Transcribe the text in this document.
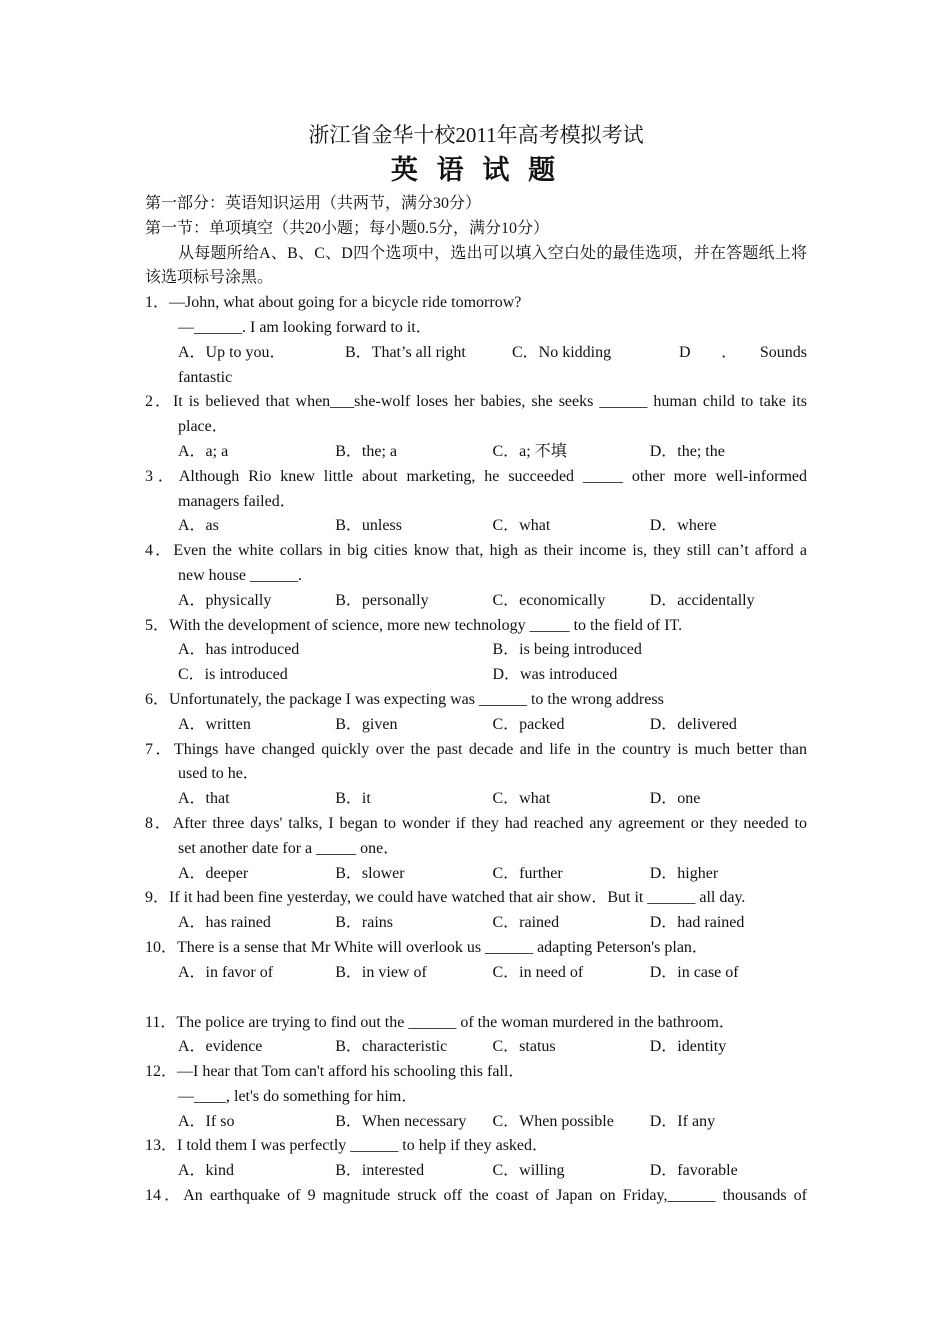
浙江省金华十校2011年高考模拟考试
英 语 试 题
第一部分：英语知识运用（共两节，满分30分）
第一节：单项填空（共20小题；每小题0.5分，满分10分）
从每题所给A、B、C、D四个选项中，选出可以填入空白处的最佳选项，并在答题纸上将该选项标号涂黑。
1．—John, what about going for a bicycle ride tomorrow?
—______. I am looking forward to it．
A．Up to you．	B．That’s all right	C．No kidding	D　．　Sounds
fantastic
2．It is believed that when___she-wolf loses her babies, she seeks ______ human child to take its
place．
A．a; a	B．the; a	C．a; 不填	D．the; the
3．Although Rio knew little about marketing, he succeeded _____ other more well-informed
managers failed．
A．as	B．unless	C．what	D．where
4．Even the white collars in big cities know that, high as their income is, they still can’t afford a
new house ______.
A．physically	B．personally	C．economically	D．accidentally
5．With the development of science, more new technology _____ to the field of IT.
A．has introduced	B．is being introduced
C．is introduced	D．was introduced
6．Unfortunately, the package I was expecting was ______ to the wrong address
A．written	B．given	C．packed	D．delivered
7．Things have changed quickly over the past decade and life in the country is much better than
used to he．
A．that	B．it	C．what	D．one
8．After three days' talks, I began to wonder if they had reached any agreement or they needed to
set another date for a _____ one．
A．deeper	B．slower	C．further	D．higher
9．If it had been fine yesterday, we could have watched that air show．But it ______ all day.
A．has rained	B．rains	C．rained	D．had rained
10．There is a sense that Mr White will overlook us ______ adapting Peterson's plan．
A．in favor of	B．in view of	C．in need of	D．in case of
11．The police are trying to find out the ______ of the woman murdered in the bathroom．
A．evidence	B．characteristic	C．status	D．identity
12．—I hear that Tom can't afford his schooling this fall．
—____, let's do something for him．
A．If so	B．When necessary	C．When possible	D．If any
13．I told them I was perfectly ______ to help if they asked．
A．kind	B．interested	C．willing	D．favorable
14．An earthquake of 9 magnitude struck off the coast of Japan on Friday,______ thousands of
